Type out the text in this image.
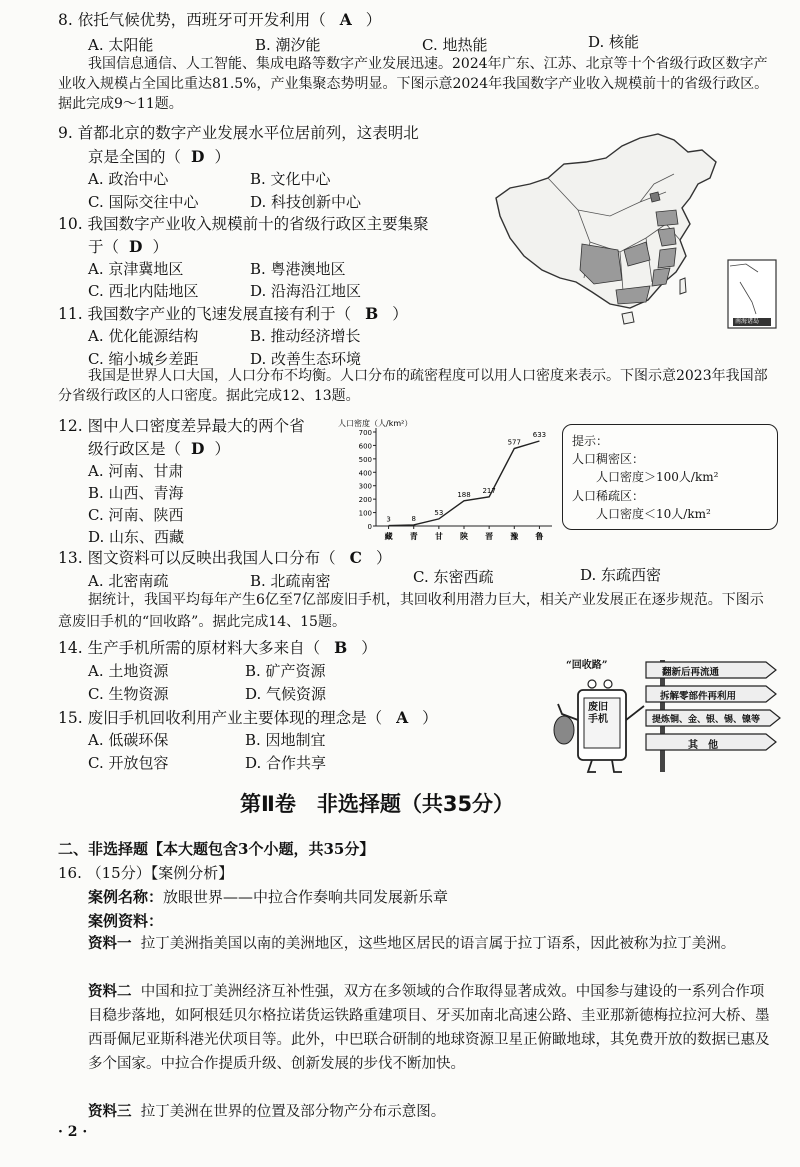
8. 依托气候优势，西班牙可开发利用（ A ）
A. 太阳能	B. 潮汐能	C. 地热能	D. 核能
我国信息通信、人工智能、集成电路等数字产业发展迅速。2024年广东、江苏、北京等十个省级行政区数字产业收入规模占全国比重达81.5%，产业集聚态势明显。下图示意2024年我国数字产业收入规模前十的省级行政区。据此完成9～11题。
9. 首都北京的数字产业发展水平位居前列，这表明北
京是全国的（ D ）
A. 政治中心	B. 文化中心
C. 国际交往中心	D. 科技创新中心
10. 我国数字产业收入规模前十的省级行政区主要集聚
于（ D ）
A. 京津冀地区	B. 粤港澳地区
C. 西北内陆地区	D. 沿海沿江地区
11. 我国数字产业的飞速发展直接有利于（ B ）
A. 优化能源结构	B. 推动经济增长
C. 缩小城乡差距	D. 改善生态环境
南海诸岛
我国是世界人口大国，人口分布不均衡。人口分布的疏密程度可以用人口密度来表示。下图示意2023年我国部分省级行政区的人口密度。据此完成12、13题。
12. 图中人口密度差异最大的两个省
级行政区是（ D ）
A. 河南、甘肃
B. 山西、青海
C. 河南、陕西
D. 山东、西藏
人口密度（人/km²）
0
100
200
300
400
500
600
700
藏 青 甘 陕 晋 豫 鲁
3	8
53
188 217
577
633 提示：
人口稠密区：
人口密度＞100人/km²
人口稀疏区：
人口密度＜10人/km²
13. 图文资料可以反映出我国人口分布（ C ）
A. 北密南疏	B. 北疏南密	C. 东密西疏	D. 东疏西密
据统计，我国平均每年产生6亿至7亿部废旧手机，其回收利用潜力巨大，相关产业发展正在逐步规范。下图示意废旧手机的“回收路”。据此完成14、15题。
14. 生产手机所需的原材料大多来自（ B ）
A. 土地资源	B. 矿产资源
C. 生物资源	D. 气候资源
15. 废旧手机回收利用产业主要体现的理念是（ A ）
A. 低碳环保	B. 因地制宜
C. 开放包容	D. 合作共享
“回收路”
废旧手机
翻新后再流通
拆解零部件再利用
提炼铜、金、银、锡、镍等
其　他
第Ⅱ卷　非选择题（共35分）
二、非选择题【本大题包含3个小题，共35分】
16. （15分）【案例分析】
案例名称：放眼世界——中拉合作奏响共同发展新乐章
案例资料：
资料一 拉丁美洲指美国以南的美洲地区，这些地区居民的语言属于拉丁语系，因此被称为拉丁美洲。
资料二 中国和拉丁美洲经济互补性强，双方在多领域的合作取得显著成效。中国参与建设的一系列合作项目稳步落地，如阿根廷贝尔格拉诺货运铁路重建项目、牙买加南北高速公路、圭亚那新德梅拉拉河大桥、墨西哥佩尼亚斯科港光伏项目等。此外，中巴联合研制的地球资源卫星正俯瞰地球，其免费开放的数据已惠及多个国家。中拉合作提质升级、创新发展的步伐不断加快。
资料三 拉丁美洲在世界的位置及部分物产分布示意图。
· 2 ·
